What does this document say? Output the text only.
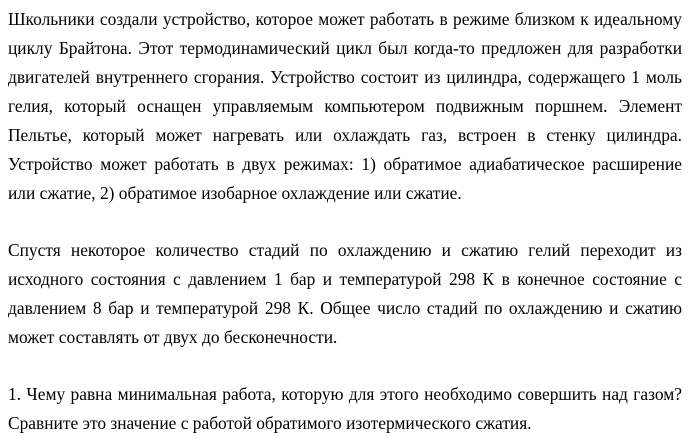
Школьники создали устройство, которое может работать в режиме близком к идеальному циклу Брайтона. Этот термодинамический цикл был когда-то предложен для разработки двигателей внутреннего сгорания. Устройство состоит из цилиндра, содержащего 1 моль гелия, который оснащен управляемым компьютером подвижным поршнем. Элемент Пельтье, который может нагревать или охлаждать газ, встроен в стенку цилиндра. Устройство может работать в двух режимах: 1) обратимое адиабатическое расширение или сжатие, 2) обратимое изобарное охлаждение или сжатие.

Спустя некоторое количество стадий по охлаждению и сжатию гелий переходит из исходного состояния с давлением 1 бар и температурой 298 К в конечное состояние с давлением 8 бар и температурой 298 К. Общее число стадий по охлаждению и сжатию может составлять от двух до бесконечности.

1. Чему равна минимальная работа, которую для этого необходимо совершить над газом? Сравните это значение с работой обратимого изотермического сжатия.
